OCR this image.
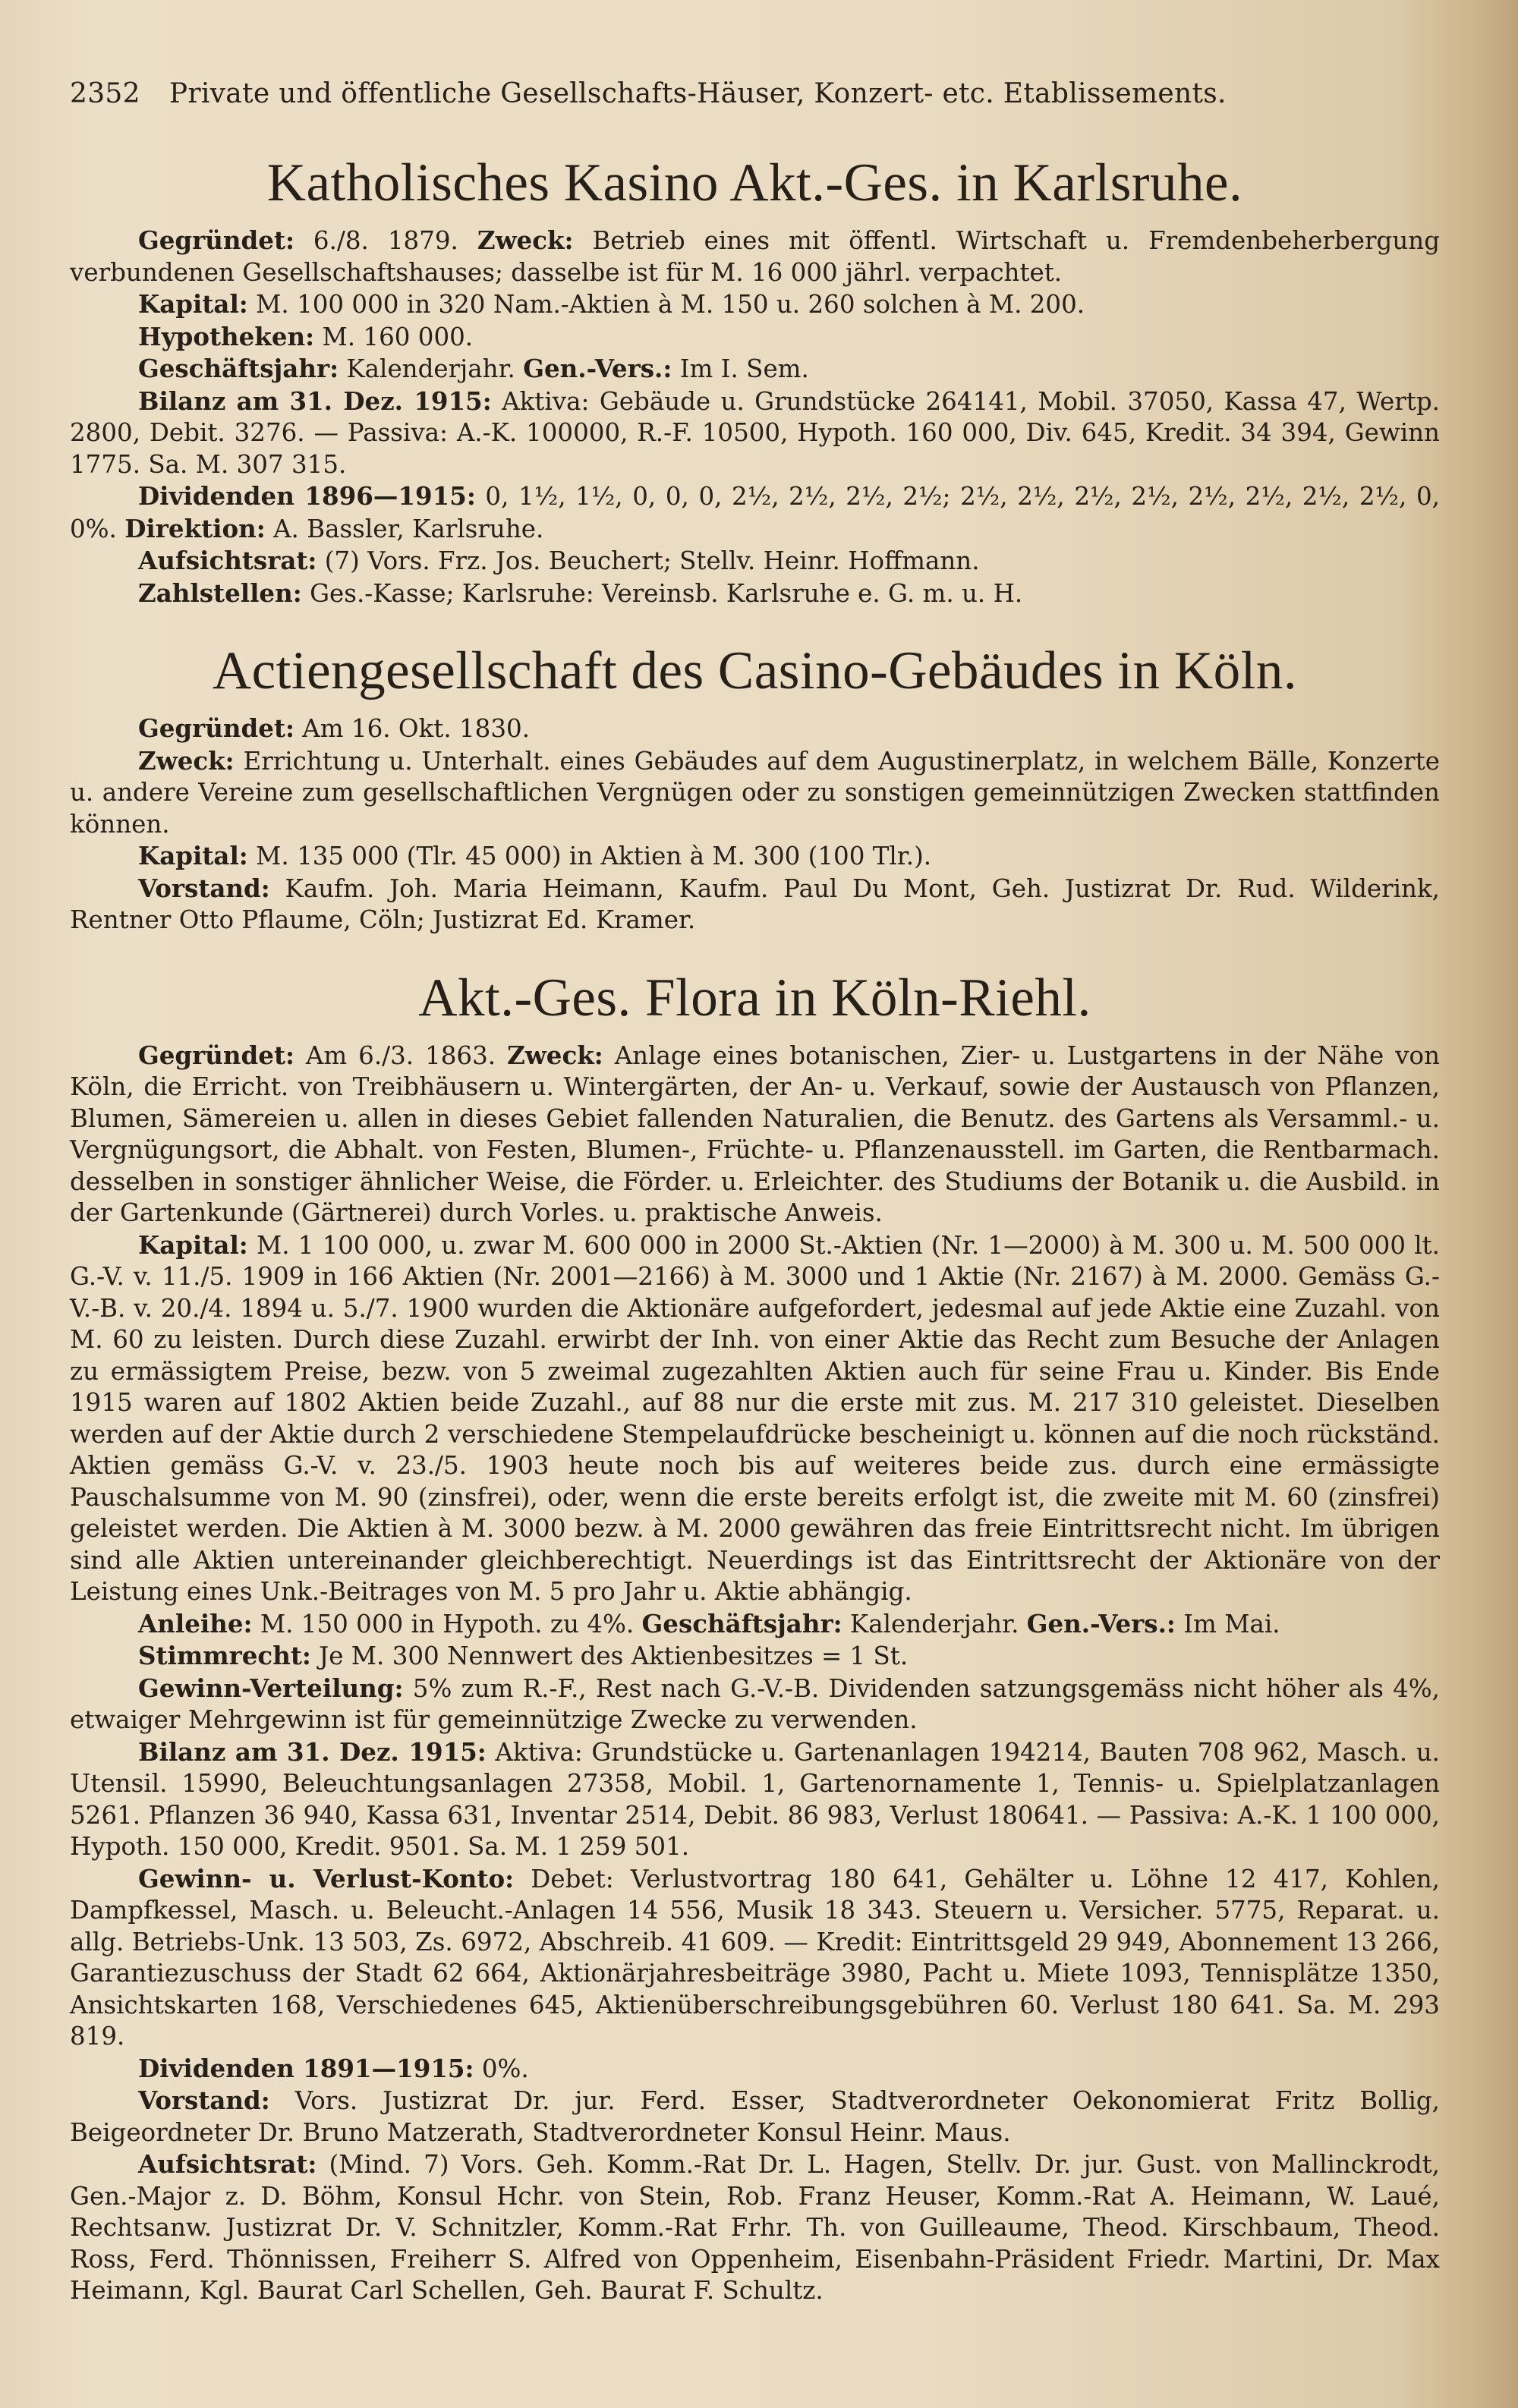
2352 Private und öffentliche Gesellschafts-Häuser, Konzert- etc. Etablissements.
Katholisches Kasino Akt.-Ges. in Karlsruhe.

Gegründet: 6./8. 1879. Zweck: Betrieb eines mit öffentl. Wirtschaft u. Fremdenbeherbergung verbundenen Gesellschaftshauses; dasselbe ist für M. 16 000 jährl. verpachtet.

Kapital: M. 100 000 in 320 Nam.-Aktien à M. 150 u. 260 solchen à M. 200.

Hypotheken: M. 160 000.

Geschäftsjahr: Kalenderjahr. Gen.-Vers.: Im I. Sem.

Bilanz am 31. Dez. 1915: Aktiva: Gebäude u. Grundstücke 264141, Mobil. 37050, Kassa 47, Wertp. 2800, Debit. 3276. — Passiva: A.-K. 100000, R.-F. 10500, Hypoth. 160 000, Div. 645, Kredit. 34 394, Gewinn 1775. Sa. M. 307 315.

Dividenden 1896—1915: 0, 1½, 1½, 0, 0, 0, 2½, 2½, 2½, 2½; 2½, 2½, 2½, 2½, 2½, 2½, 2½, 2½, 0, 0%. Direktion: A. Bassler, Karlsruhe.

Aufsichtsrat: (7) Vors. Frz. Jos. Beuchert; Stellv. Heinr. Hoffmann.

Zahlstellen: Ges.-Kasse; Karlsruhe: Vereinsb. Karlsruhe e. G. m. u. H.

Actiengesellschaft des Casino-Gebäudes in Köln.

Gegründet: Am 16. Okt. 1830.

Zweck: Errichtung u. Unterhalt. eines Gebäudes auf dem Augustinerplatz, in welchem Bälle, Konzerte u. andere Vereine zum gesellschaftlichen Vergnügen oder zu sonstigen gemeinnützigen Zwecken stattfinden können.

Kapital: M. 135 000 (Tlr. 45 000) in Aktien à M. 300 (100 Tlr.).

Vorstand: Kaufm. Joh. Maria Heimann, Kaufm. Paul Du Mont, Geh. Justizrat Dr. Rud. Wilderink, Rentner Otto Pflaume, Cöln; Justizrat Ed. Kramer.

Akt.-Ges. Flora in Köln-Riehl.

Gegründet: Am 6./3. 1863. Zweck: Anlage eines botanischen, Zier- u. Lustgartens in der Nähe von Köln, die Erricht. von Treibhäusern u. Wintergärten, der An- u. Verkauf, sowie der Austausch von Pflanzen, Blumen, Sämereien u. allen in dieses Gebiet fallenden Naturalien, die Benutz. des Gartens als Versamml.- u. Vergnügungsort, die Abhalt. von Festen, Blumen-, Früchte- u. Pflanzenausstell. im Garten, die Rentbarmach. desselben in sonstiger ähnlicher Weise, die Förder. u. Erleichter. des Studiums der Botanik u. die Ausbild. in der Gartenkunde (Gärtnerei) durch Vorles. u. praktische Anweis.

Kapital: M. 1 100 000, u. zwar M. 600 000 in 2000 St.-Aktien (Nr. 1—2000) à M. 300 u. M. 500 000 lt. G.-V. v. 11./5. 1909 in 166 Aktien (Nr. 2001—2166) à M. 3000 und 1 Aktie (Nr. 2167) à M. 2000. Gemäss G.-V.-B. v. 20./4. 1894 u. 5./7. 1900 wurden die Aktionäre aufgefordert, jedesmal auf jede Aktie eine Zuzahl. von M. 60 zu leisten. Durch diese Zuzahl. erwirbt der Inh. von einer Aktie das Recht zum Besuche der Anlagen zu ermässigtem Preise, bezw. von 5 zweimal zugezahlten Aktien auch für seine Frau u. Kinder. Bis Ende 1915 waren auf 1802 Aktien beide Zuzahl., auf 88 nur die erste mit zus. M. 217 310 geleistet. Dieselben werden auf der Aktie durch 2 verschiedene Stempelaufdrücke bescheinigt u. können auf die noch rückständ. Aktien gemäss G.-V. v. 23./5. 1903 heute noch bis auf weiteres beide zus. durch eine ermässigte Pauschalsumme von M. 90 (zinsfrei), oder, wenn die erste bereits erfolgt ist, die zweite mit M. 60 (zinsfrei) geleistet werden. Die Aktien à M. 3000 bezw. à M. 2000 gewähren das freie Eintrittsrecht nicht. Im übrigen sind alle Aktien untereinander gleichberechtigt. Neuerdings ist das Eintrittsrecht der Aktionäre von der Leistung eines Unk.-Beitrages von M. 5 pro Jahr u. Aktie abhängig.

Anleihe: M. 150 000 in Hypoth. zu 4%. Geschäftsjahr: Kalenderjahr. Gen.-Vers.: Im Mai.

Stimmrecht: Je M. 300 Nennwert des Aktienbesitzes = 1 St.

Gewinn-Verteilung: 5% zum R.-F., Rest nach G.-V.-B. Dividenden satzungsgemäss nicht höher als 4%, etwaiger Mehrgewinn ist für gemeinnützige Zwecke zu verwenden.

Bilanz am 31. Dez. 1915: Aktiva: Grundstücke u. Gartenanlagen 194214, Bauten 708 962, Masch. u. Utensil. 15990, Beleuchtungsanlagen 27358, Mobil. 1, Gartenornamente 1, Tennis- u. Spielplatzanlagen 5261. Pflanzen 36 940, Kassa 631, Inventar 2514, Debit. 86 983, Verlust 180641. — Passiva: A.-K. 1 100 000, Hypoth. 150 000, Kredit. 9501. Sa. M. 1 259 501.

Gewinn- u. Verlust-Konto: Debet: Verlustvortrag 180 641, Gehälter u. Löhne 12 417, Kohlen, Dampfkessel, Masch. u. Beleucht.-Anlagen 14 556, Musik 18 343. Steuern u. Versicher. 5775, Reparat. u. allg. Betriebs-Unk. 13 503, Zs. 6972, Abschreib. 41 609. — Kredit: Eintrittsgeld 29 949, Abonnement 13 266, Garantiezuschuss der Stadt 62 664, Aktionärjahresbeiträge 3980, Pacht u. Miete 1093, Tennisplätze 1350, Ansichtskarten 168, Verschiedenes 645, Aktienüberschreibungsgebühren 60. Verlust 180 641. Sa. M. 293 819.

Dividenden 1891—1915: 0%.

Vorstand: Vors. Justizrat Dr. jur. Ferd. Esser, Stadtverordneter Oekonomierat Fritz Bollig, Beigeordneter Dr. Bruno Matzerath, Stadtverordneter Konsul Heinr. Maus.

Aufsichtsrat: (Mind. 7) Vors. Geh. Komm.-Rat Dr. L. Hagen, Stellv. Dr. jur. Gust. von Mallinckrodt, Gen.-Major z. D. Böhm, Konsul Hchr. von Stein, Rob. Franz Heuser, Komm.-Rat A. Heimann, W. Laué, Rechtsanw. Justizrat Dr. V. Schnitzler, Komm.-Rat Frhr. Th. von Guilleaume, Theod. Kirschbaum, Theod. Ross, Ferd. Thönnissen, Freiherr S. Alfred von Oppenheim, Eisenbahn-Präsident Friedr. Martini, Dr. Max Heimann, Kgl. Baurat Carl Schellen, Geh. Baurat F. Schultz.
